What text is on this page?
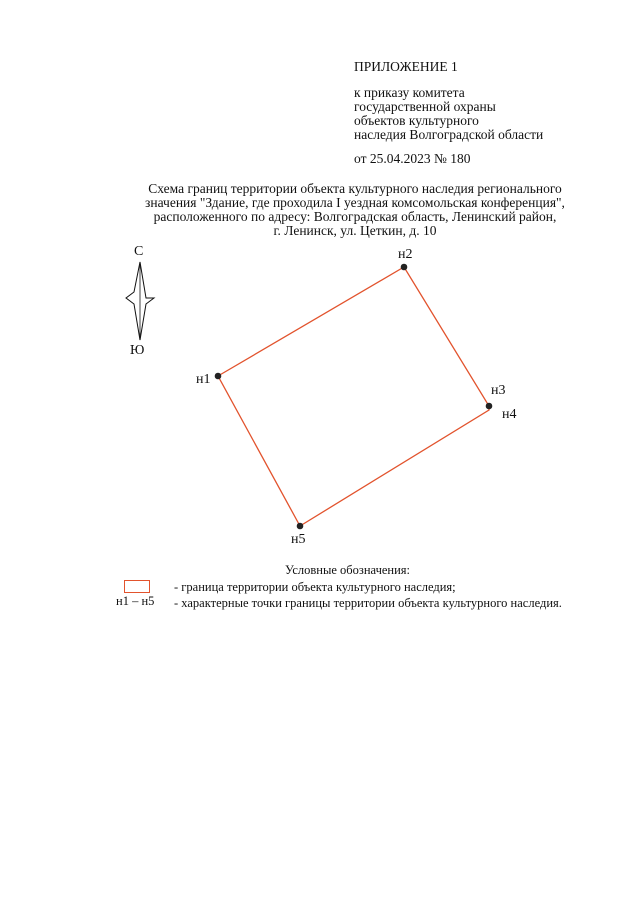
ПРИЛОЖЕНИЕ 1
к приказу комитета
государственной охраны
объектов культурного
наследия Волгоградской области
от 25.04.2023 № 180
Схема границ территории объекта культурного наследия регионального
значения "Здание, где проходила I уездная комсомольская конференция",
расположенного по адресу: Волгоградская область, Ленинский район,
г. Ленинск, ул. Цеткин, д. 10
С
Ю
н1
н2
н3
н4
н5
Условные обозначения:
- граница территории объекта культурного наследия;
н1 – н5 - характерные точки границы территории объекта культурного наследия.
